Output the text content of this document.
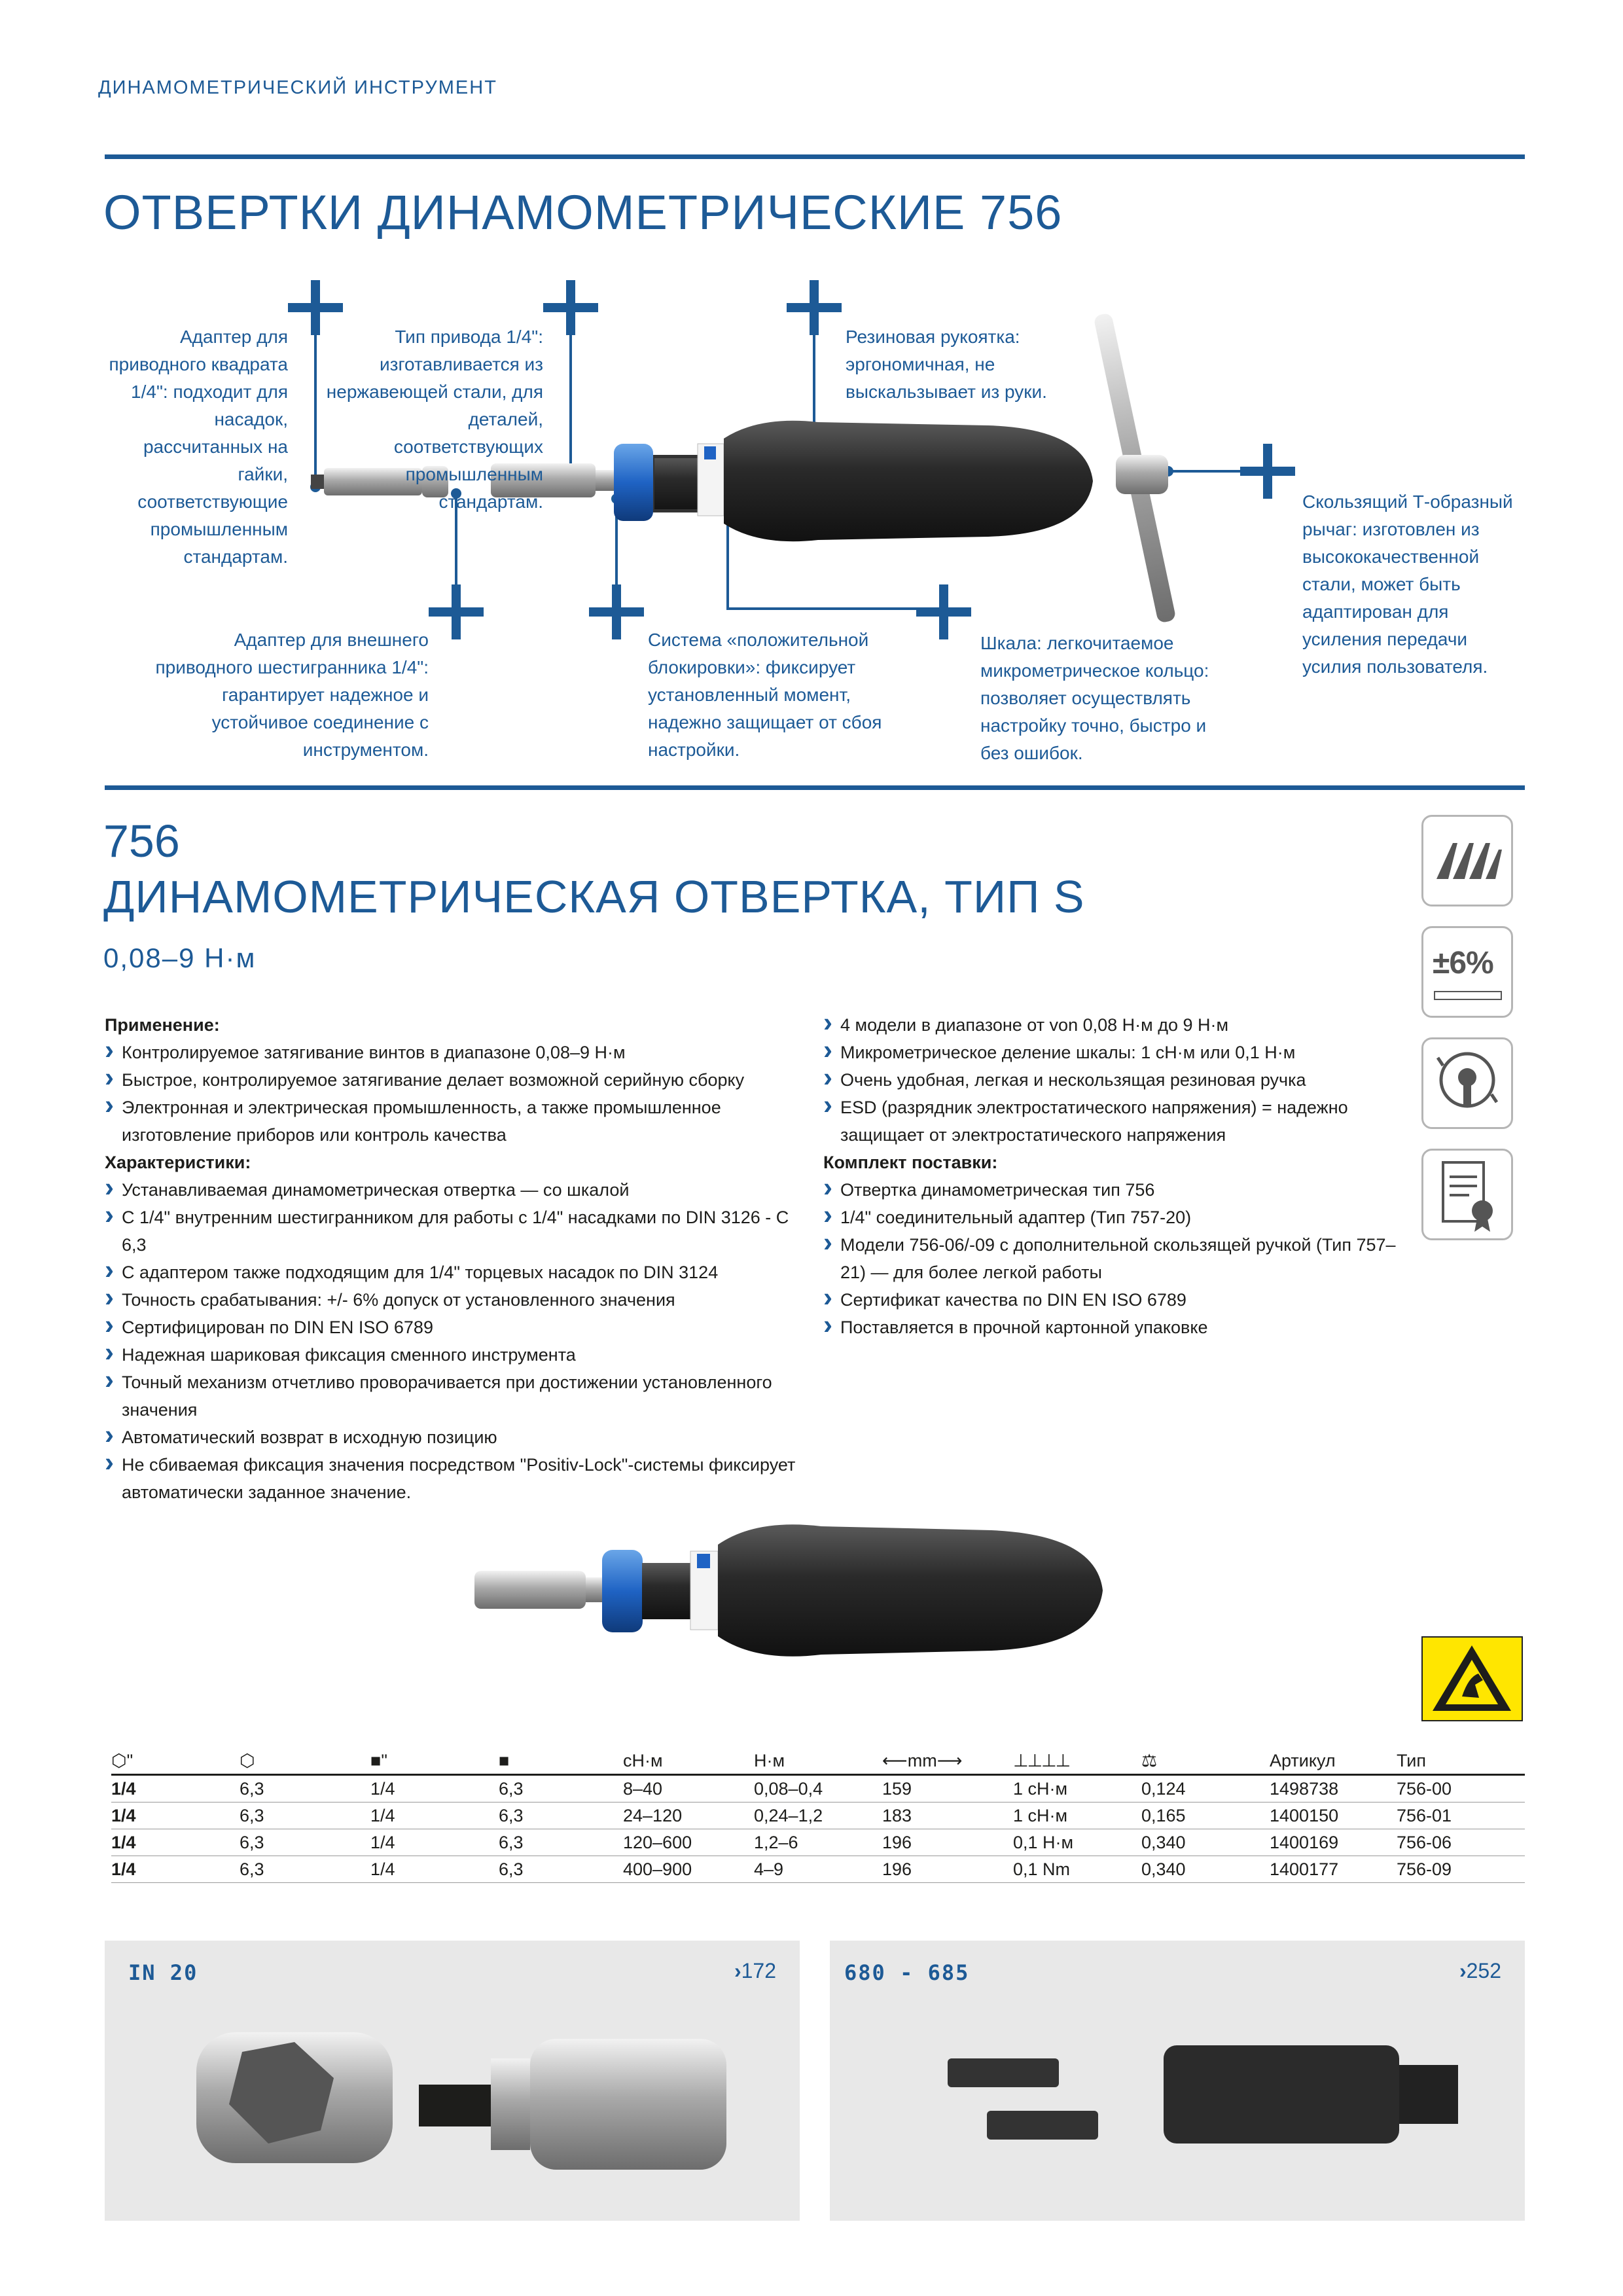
ДИНАМОМЕТРИЧЕСКИЙ ИНСТРУМЕНТ
ОТВЕРТКИ ДИНАМОМЕТРИЧЕСКИЕ 756
Адаптер для приводного квадрата 1/4": подходит для насадок, рассчитанных на гайки, соответствующие промышленным стандартам.
Тип привода 1/4": изготавливается из нержавеющей стали, для деталей, соответствующих промышленным стандартам.
Резиновая рукоятка: эргономичная, не выскальзывает из руки.
Скользящий Т-образный рычаг: изготовлен из высококачественной стали, может быть адаптирован для усиления передачи усилия пользователя.
Адаптер для внешнего приводного шестигранника 1/4": гарантирует надежное и устойчивое соединение с инструментом.
Система «положительной блокировки»: фиксирует установленный момент, надежно защищает от сбоя настройки.
Шкала: легкочитаемое микрометрическое кольцо: позволяет осуществлять настройку точно, быстро и без ошибок.
756
ДИНАМОМЕТРИЧЕСКАЯ ОТВЕРТКА, ТИП S
0,08–9 Н·м	±6%
Применение:
› Контролируемое затягивание винтов в диапазоне 0,08–9 Н·м
› Быстрое, контролируемое затягивание делает возможной серийную сборку
› Электронная и электрическая промышленность, а также промышленное изготовление приборов или контроль качества
Характеристики:
› Устанавливаемая динамометрическая отвертка — со шкалой
› С 1/4" внутренним шестигранником для работы с 1/4" насадками по DIN 3126 - С 6,3
› С адаптером также подходящим для 1/4" торцевых насадок по DIN 3124
› Точность срабатывания: +/- 6% допуск от установленного значения
› Сертифицирован по DIN EN ISO 6789
› Надежная шариковая фиксация сменного инструмента
› Точный механизм отчетливо проворачивается при достижении установленного значения
› Автоматический возврат в исходную позицию
› Не сбиваемая фиксация значения посредством "Positiv-Lock"-системы фиксирует автоматически заданное значение.
› 4 модели в диапазоне от von 0,08 Н·м до 9 Н·м
› Микрометрическое деление шкалы: 1 сН·м или 0,1 Н·м
› Очень удобная, легкая и нескользящая резиновая ручка
› ESD (разрядник электростатического напряжения) = надежно защищает от электростатического напряжения
Комплект поставки:
› Отвертка динамометрическая тип 756
› 1/4" соединительный адаптер (Тип 757-20)
› Модели 756-06/-09 с дополнительной скользящей ручкой (Тип 757–21) — для более легкой работы
› Сертификат качества по DIN EN ISO 6789
› Поставляется в прочной картонной упаковке
⬡"	⬡	■"	■	cН·м	Н·м	⟵mm⟶	⊥⊥⊥⊥	⚖	Артикул	Тип
1/4	6,3	1/4	6,3	8–40	0,08–0,4	159	1 сН·м	0,124	1498738	756-00
1/4	6,3	1/4	6,3	24–120	0,24–1,2	183	1 сН·м	0,165	1400150	756-01
1/4	6,3	1/4	6,3	120–600	1,2–6	196	0,1 Н·м	0,340	1400169	756-06
1/4	6,3	1/4	6,3	400–900	4–9	196	0,1 Nm	0,340	1400177	756-09
IN 20	›172	680 - 685	›252
